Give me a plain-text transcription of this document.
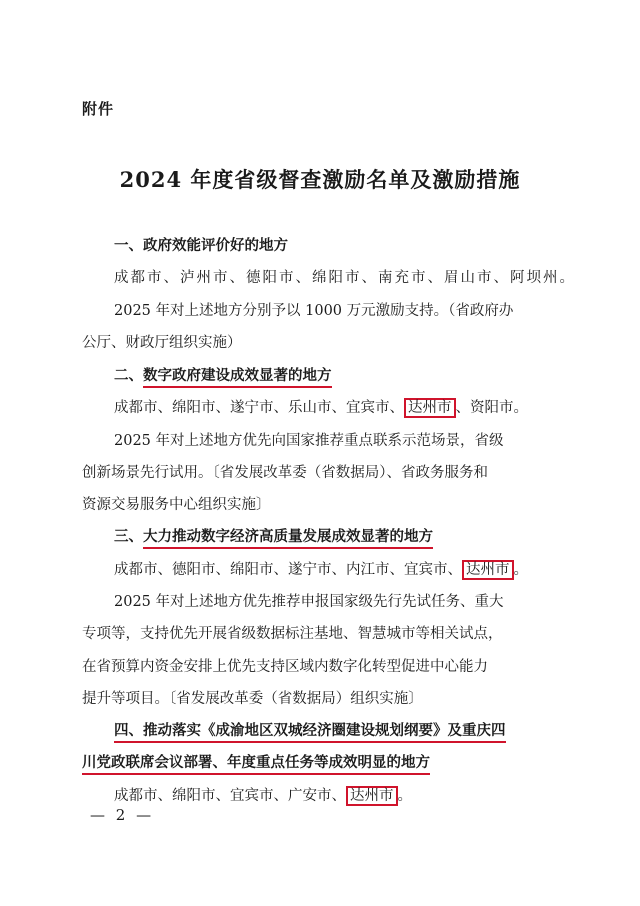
附件
2024 年度省级督查激励名单及激励措施
一、政府效能评价好的地方
成都市、泸州市、德阳市、绵阳市、南充市、眉山市、阿坝州。
2025 年对上述地方分别予以 1000 万元激励支持。（省政府办
公厅、财政厅组织实施）
二、数字政府建设成效显著的地方
成都市、绵阳市、遂宁市、乐山市、宜宾市、 达州市 、资阳市。
2025 年对上述地方优先向国家推荐重点联系示范场景，省级
创新场景先行试用。〔省发展改革委（省数据局）、省政务服务和
资源交易服务中心组织实施〕
三、大力推动数字经济高质量发展成效显著的地方
成都市、德阳市、绵阳市、遂宁市、内江市、宜宾市、 达州市 。
2025 年对上述地方优先推荐申报国家级先行先试任务、重大
专项等，支持优先开展省级数据标注基地、智慧城市等相关试点，
在省预算内资金安排上优先支持区域内数字化转型促进中心能力
提升等项目。〔省发展改革委（省数据局）组织实施〕
四、推动落实《成渝地区双城经济圈建设规划纲要》及重庆四
川党政联席会议部署、年度重点任务等成效明显的地方
成都市、绵阳市、宜宾市、广安市、 达州市 。
— 2 —
